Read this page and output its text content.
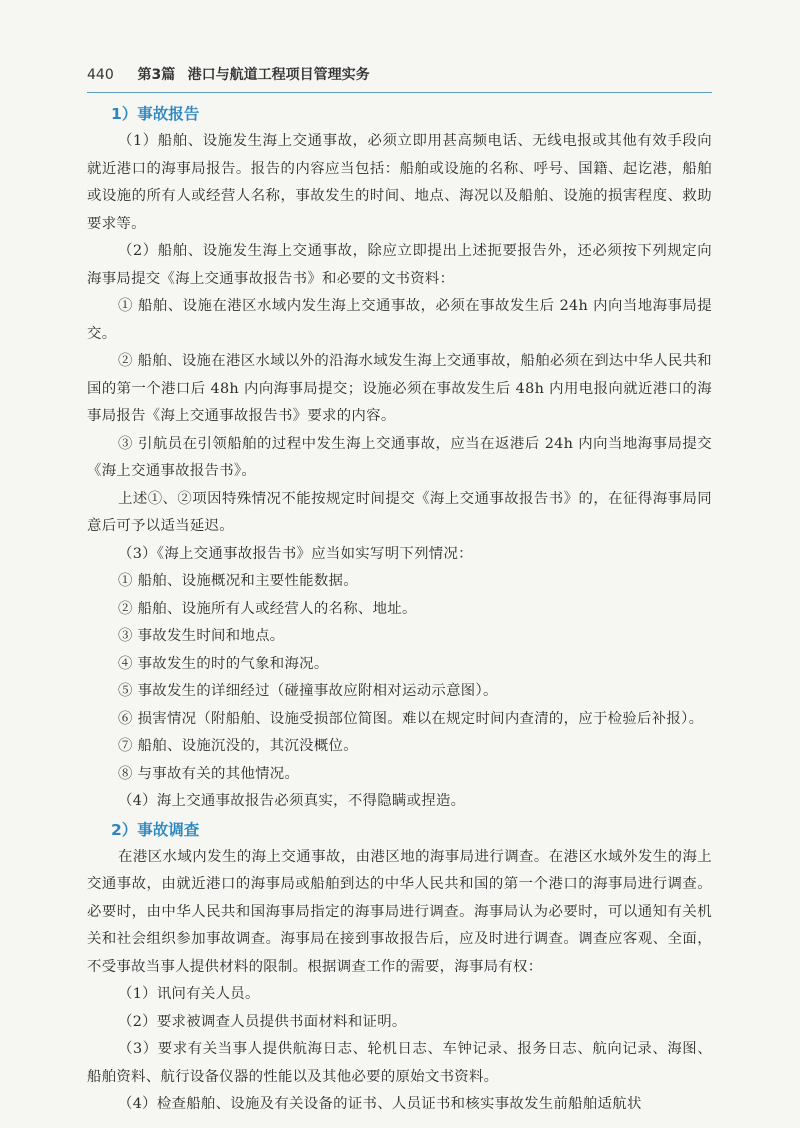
440 第3篇 港口与航道工程项目管理实务
1）事故报告

（1）船舶、设施发生海上交通事故，必须立即用甚高频电话、无线电报或其他有效手段向就近港口的海事局报告。报告的内容应当包括：船舶或设施的名称、呼号、国籍、起讫港，船舶或设施的所有人或经营人名称，事故发生的时间、地点、海况以及船舶、设施的损害程度、救助要求等。

（2）船舶、设施发生海上交通事故，除应立即提出上述扼要报告外，还必须按下列规定向海事局提交《海上交通事故报告书》和必要的文书资料：

① 船舶、设施在港区水域内发生海上交通事故，必须在事故发生后 24h 内向当地海事局提交。

② 船舶、设施在港区水域以外的沿海水域发生海上交通事故，船舶必须在到达中华人民共和国的第一个港口后 48h 内向海事局提交；设施必须在事故发生后 48h 内用电报向就近港口的海事局报告《海上交通事故报告书》要求的内容。

③ 引航员在引领船舶的过程中发生海上交通事故，应当在返港后 24h 内向当地海事局提交《海上交通事故报告书》。

上述①、②项因特殊情况不能按规定时间提交《海上交通事故报告书》的，在征得海事局同意后可予以适当延迟。

（3）《海上交通事故报告书》应当如实写明下列情况：

① 船舶、设施概况和主要性能数据。

② 船舶、设施所有人或经营人的名称、地址。

③ 事故发生时间和地点。

④ 事故发生的时的气象和海况。

⑤ 事故发生的详细经过（碰撞事故应附相对运动示意图）。

⑥ 损害情况（附船舶、设施受损部位简图。难以在规定时间内查清的，应于检验后补报）。

⑦ 船舶、设施沉没的，其沉没概位。

⑧ 与事故有关的其他情况。

（4）海上交通事故报告必须真实，不得隐瞒或捏造。

2）事故调查

在港区水域内发生的海上交通事故，由港区地的海事局进行调查。在港区水域外发生的海上交通事故，由就近港口的海事局或船舶到达的中华人民共和国的第一个港口的海事局进行调查。必要时，由中华人民共和国海事局指定的海事局进行调查。海事局认为必要时，可以通知有关机关和社会组织参加事故调查。海事局在接到事故报告后，应及时进行调查。调查应客观、全面，不受事故当事人提供材料的限制。根据调查工作的需要，海事局有权：

（1）讯问有关人员。

（2）要求被调查人员提供书面材料和证明。

（3）要求有关当事人提供航海日志、轮机日志、车钟记录、报务日志、航向记录、海图、船舶资料、航行设备仪器的性能以及其他必要的原始文书资料。

（4）检查船舶、设施及有关设备的证书、人员证书和核实事故发生前船舶适航状
